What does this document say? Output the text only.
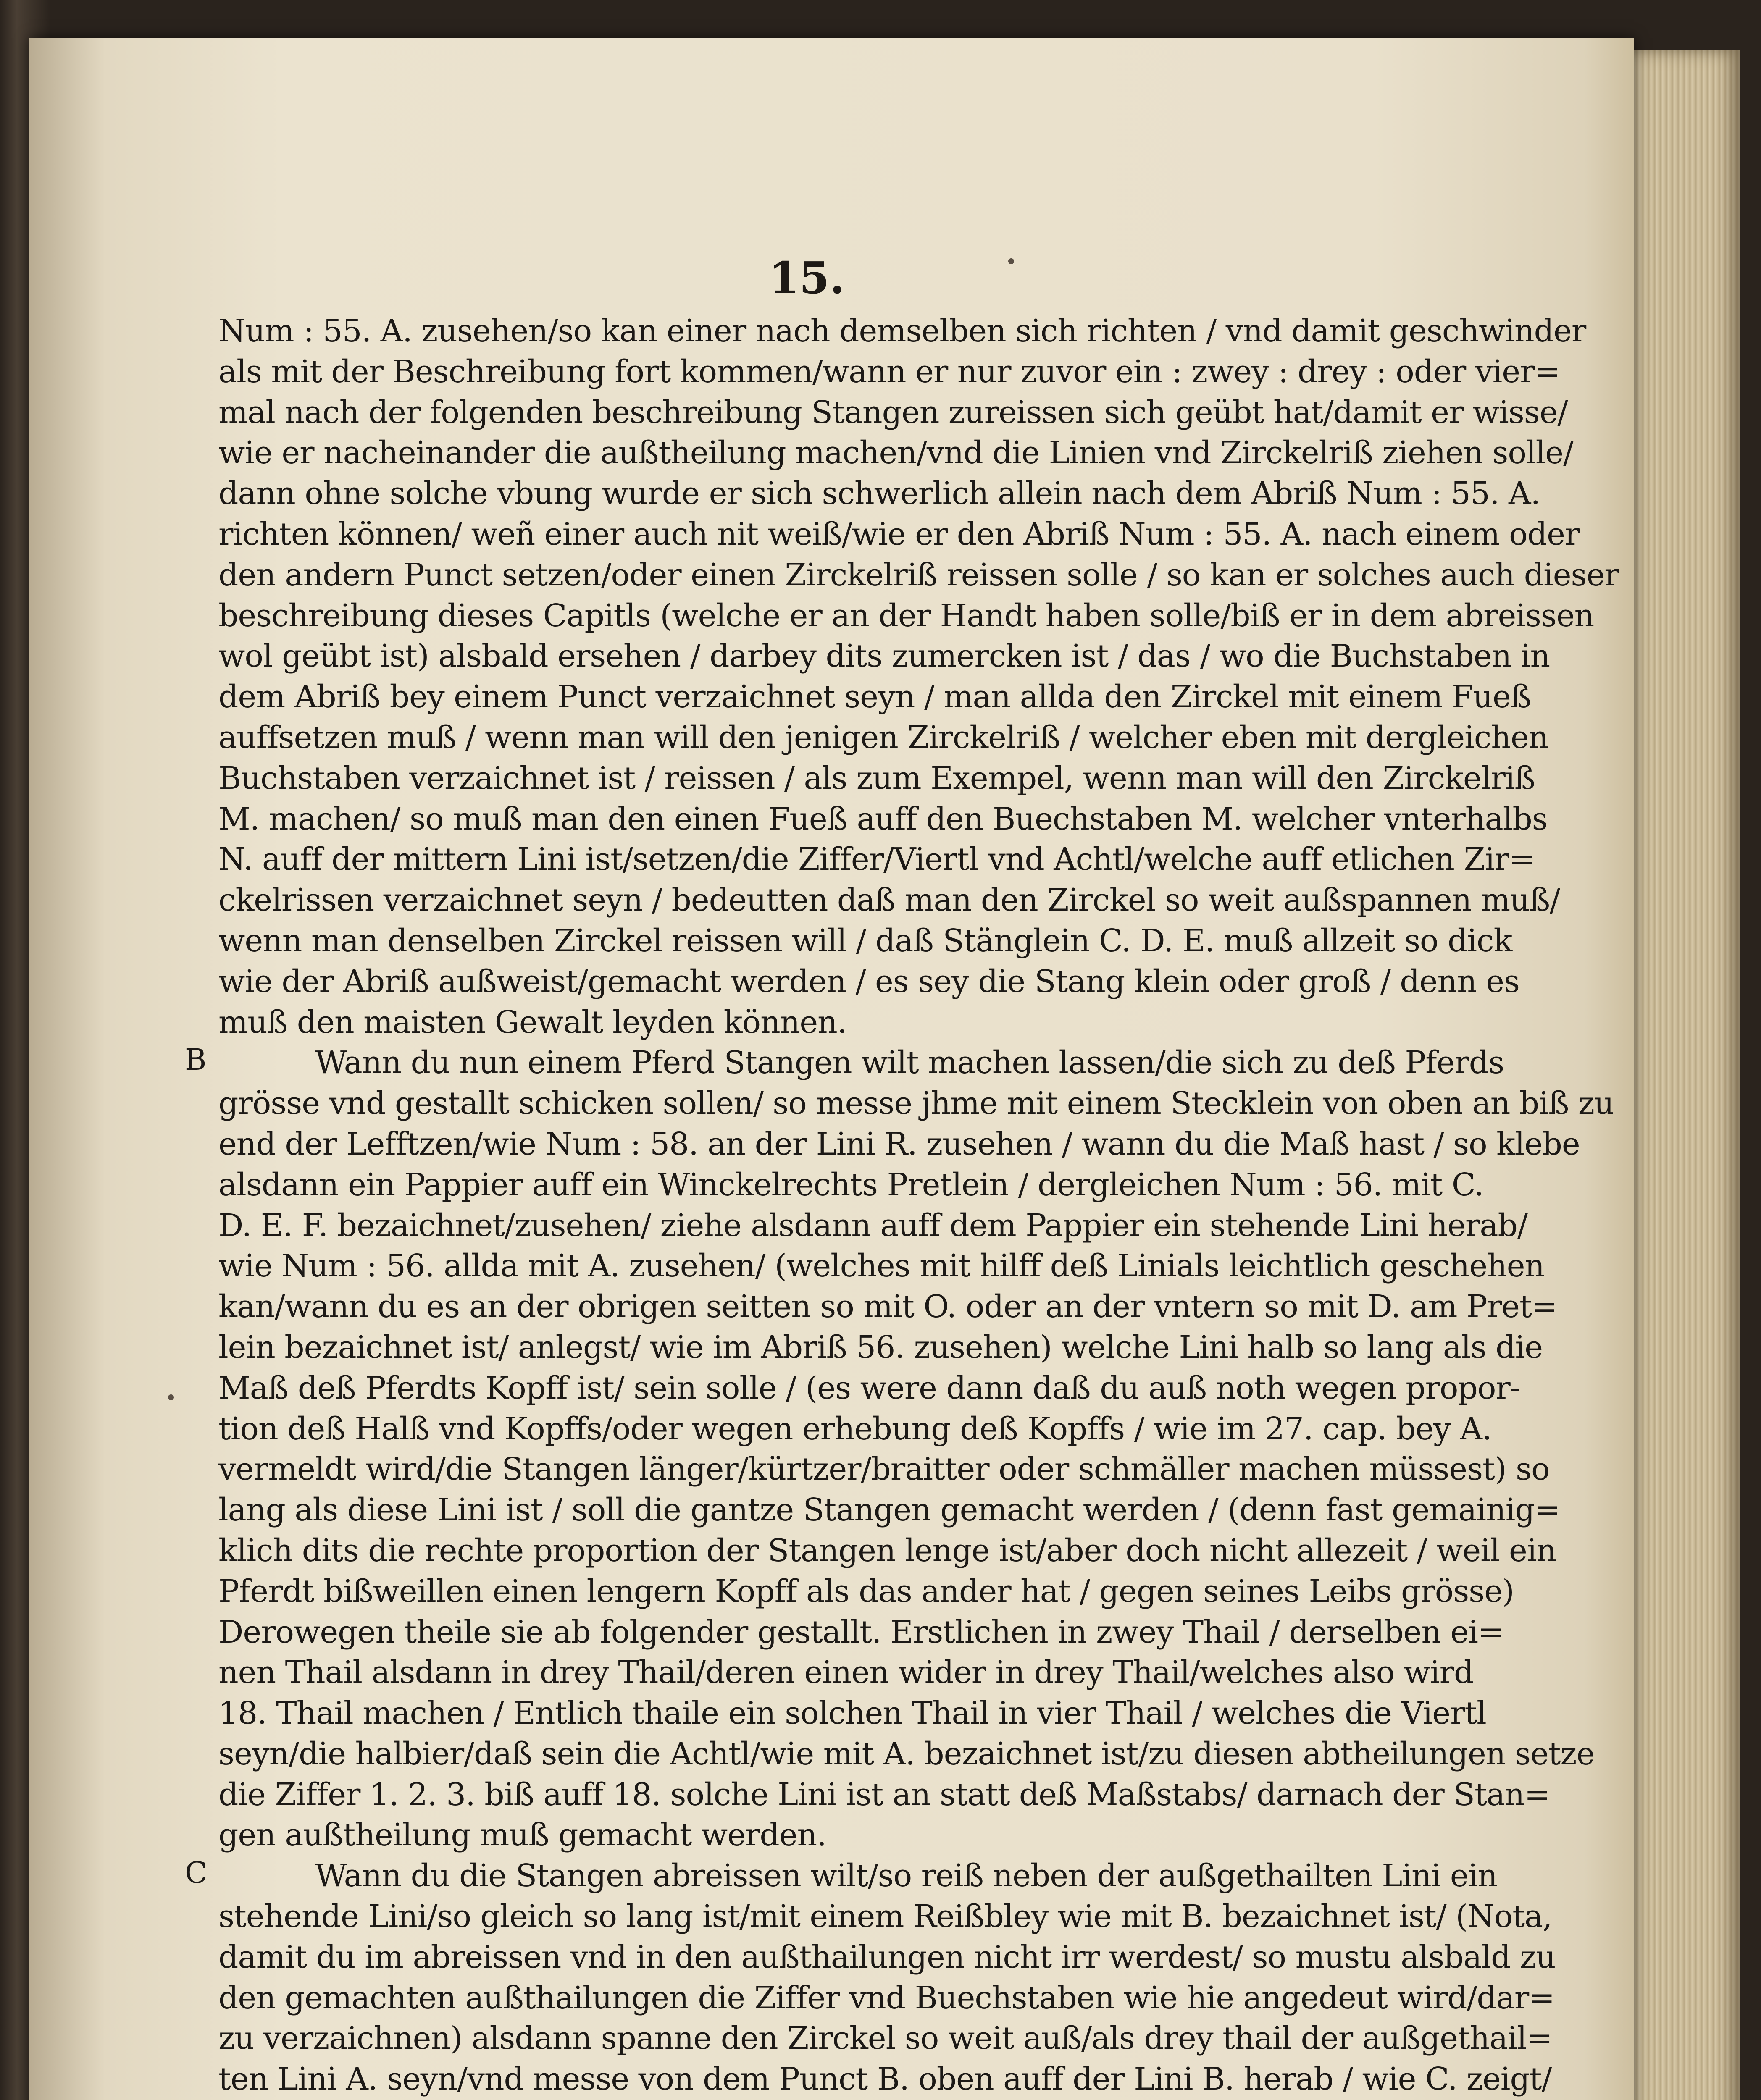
15.
Num : 55. A. zusehen/so kan einer nach demselben sich richten / vnd damit geschwinder
als mit der Beschreibung fort kommen/wann er nur zuvor ein : zwey : drey : oder vier=
mal nach der folgenden beschreibung Stangen zureissen sich geübt hat/damit er wisse/
wie er nacheinander die außtheilung machen/vnd die Linien vnd Zirckelriß ziehen solle/
dann ohne solche vbung wurde er sich schwerlich allein nach dem Abriß Num : 55. A.
richten können/ weñ einer auch nit weiß/wie er den Abriß Num : 55. A. nach einem oder
den andern Punct setzen/oder einen Zirckelriß reissen solle / so kan er solches auch dieser
beschreibung dieses Capitls (welche er an der Handt haben solle/biß er in dem abreissen
wol geübt ist) alsbald ersehen / darbey dits zumercken ist / das / wo die Buchstaben in
dem Abriß bey einem Punct verzaichnet seyn / man allda den Zirckel mit einem Fueß
auffsetzen muß / wenn man will den jenigen Zirckelriß / welcher eben mit dergleichen
Buchstaben verzaichnet ist / reissen / als zum Exempel, wenn man will den Zirckelriß
M. machen/ so muß man den einen Fueß auff den Buechstaben M. welcher vnterhalbs
N. auff der mittern Lini ist/setzen/die Ziffer/Viertl vnd Achtl/welche auff etlichen Zir=
ckelrissen verzaichnet seyn / bedeutten daß man den Zirckel so weit außspannen muß/
wenn man denselben Zirckel reissen will / daß Stänglein C. D. E. muß allzeit so dick
wie der Abriß außweist/gemacht werden / es sey die Stang klein oder groß / denn es
muß den maisten Gewalt leyden können.
Wann du nun einem Pferd Stangen wilt machen lassen/die sich zu deß Pferds
grösse vnd gestallt schicken sollen/ so messe jhme mit einem Stecklein von oben an biß zu
end der Lefftzen/wie Num : 58. an der Lini R. zusehen / wann du die Maß hast / so klebe
alsdann ein Pappier auff ein Winckelrechts Pretlein / dergleichen Num : 56. mit C.
D. E. F. bezaichnet/zusehen/ ziehe alsdann auff dem Pappier ein stehende Lini herab/
wie Num : 56. allda mit A. zusehen/ (welches mit hilff deß Linials leichtlich geschehen
kan/wann du es an der obrigen seitten so mit O. oder an der vntern so mit D. am Pret=
lein bezaichnet ist/ anlegst/ wie im Abriß 56. zusehen) welche Lini halb so lang als die
Maß deß Pferdts Kopff ist/ sein solle / (es were dann daß du auß noth wegen propor-
tion deß Halß vnd Kopffs/oder wegen erhebung deß Kopffs / wie im 27. cap. bey A.
vermeldt wird/die Stangen länger/kürtzer/braitter oder schmäller machen müssest) so
lang als diese Lini ist / soll die gantze Stangen gemacht werden / (denn fast gemainig=
klich dits die rechte proportion der Stangen lenge ist/aber doch nicht allezeit / weil ein
Pferdt bißweillen einen lengern Kopff als das ander hat / gegen seines Leibs grösse)
Derowegen theile sie ab folgender gestallt. Erstlichen in zwey Thail / derselben ei=
nen Thail alsdann in drey Thail/deren einen wider in drey Thail/welches also wird
18. Thail machen / Entlich thaile ein solchen Thail in vier Thail / welches die Viertl
seyn/die halbier/daß sein die Achtl/wie mit A. bezaichnet ist/zu diesen abtheilungen setze
die Ziffer 1. 2. 3. biß auff 18. solche Lini ist an statt deß Maßstabs/ darnach der Stan=
gen außtheilung muß gemacht werden.
Wann du die Stangen abreissen wilt/so reiß neben der außgethailten Lini ein
stehende Lini/so gleich so lang ist/mit einem Reißbley wie mit B. bezaichnet ist/ (Nota,
damit du im abreissen vnd in den außthailungen nicht irr werdest/ so mustu alsbald zu
den gemachten außthailungen die Ziffer vnd Buechstaben wie hie angedeut wird/dar=
zu verzaichnen) alsdann spanne den Zirckel so weit auß/als drey thail der außgethail=
ten Lini A. seyn/vnd messe von dem Punct B. oben auff der Lini B. herab / wie C. zeigt/
B
C
